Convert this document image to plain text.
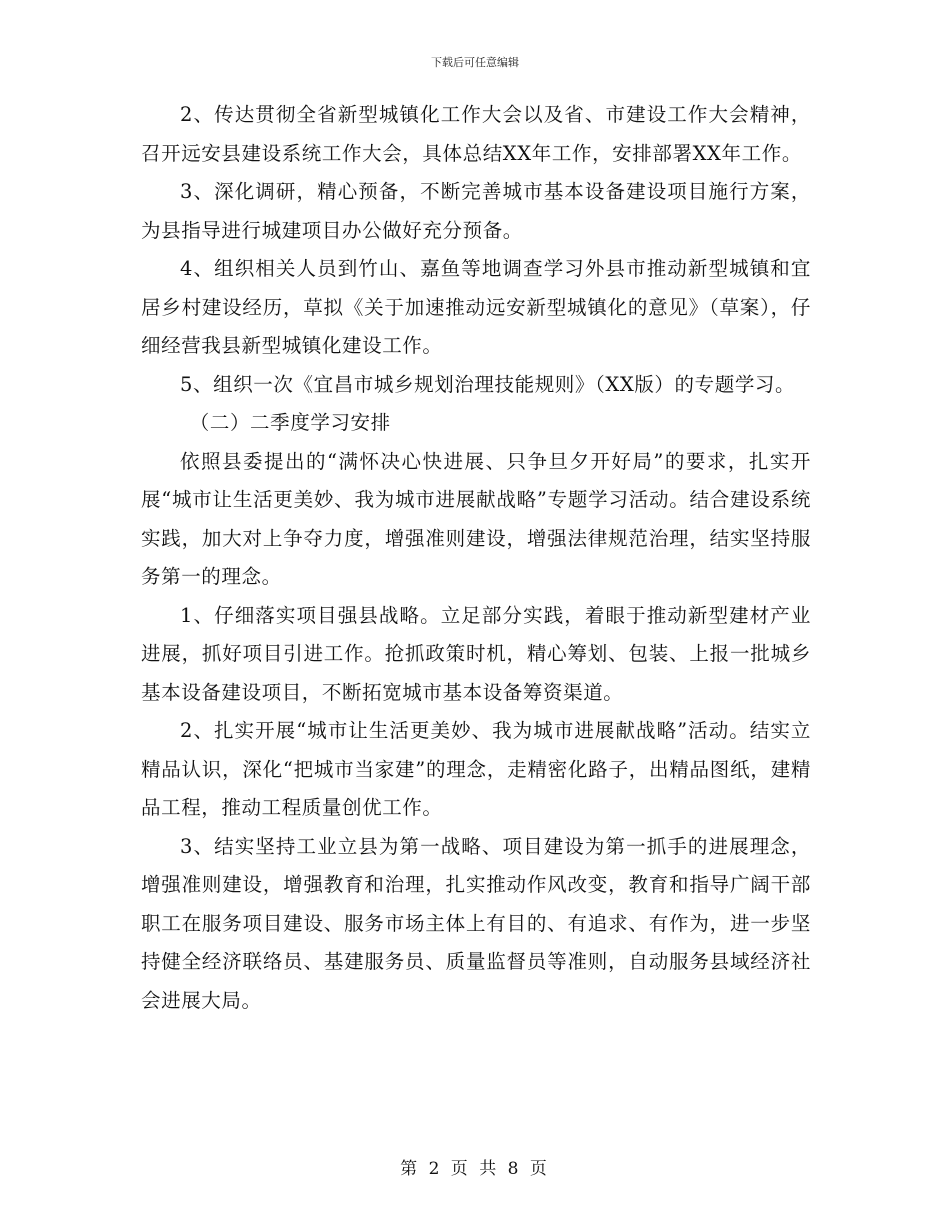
下载后可任意编辑

2、传达贯彻全省新型城镇化工作大会以及省、市建设工作大会精神，召开远安县建设系统工作大会，具体总结XX年工作，安排部署XX年工作。

3、深化调研，精心预备，不断完善城市基本设备建设项目施行方案，为县指导进行城建项目办公做好充分预备。

4、组织相关人员到竹山、嘉鱼等地调查学习外县市推动新型城镇和宜居乡村建设经历，草拟《关于加速推动远安新型城镇化的意见》（草案），仔细经营我县新型城镇化建设工作。

5、组织一次《宜昌市城乡规划治理技能规则》（XX版）的专题学习。

（二）二季度学习安排

依照县委提出的“满怀决心快进展、只争旦夕开好局”的要求，扎实开展“城市让生活更美妙、我为城市进展献战略”专题学习活动。结合建设系统实践，加大对上争夺力度，增强准则建设，增强法律规范治理，结实坚持服务第一的理念。

1、仔细落实项目强县战略。立足部分实践，着眼于推动新型建材产业进展，抓好项目引进工作。抢抓政策时机，精心筹划、包装、上报一批城乡基本设备建设项目，不断拓宽城市基本设备筹资渠道。

2、扎实开展“城市让生活更美妙、我为城市进展献战略”活动。结实立精品认识，深化“把城市当家建”的理念，走精密化路子，出精品图纸，建精品工程，推动工程质量创优工作。

3、结实坚持工业立县为第一战略、项目建设为第一抓手的进展理念，增强准则建设，增强教育和治理，扎实推动作风改变，教育和指导广阔干部职工在服务项目建设、服务市场主体上有目的、有追求、有作为，进一步坚持健全经济联络员、基建服务员、质量监督员等准则，自动服务县域经济社会进展大局。

第 2 页 共 8 页
